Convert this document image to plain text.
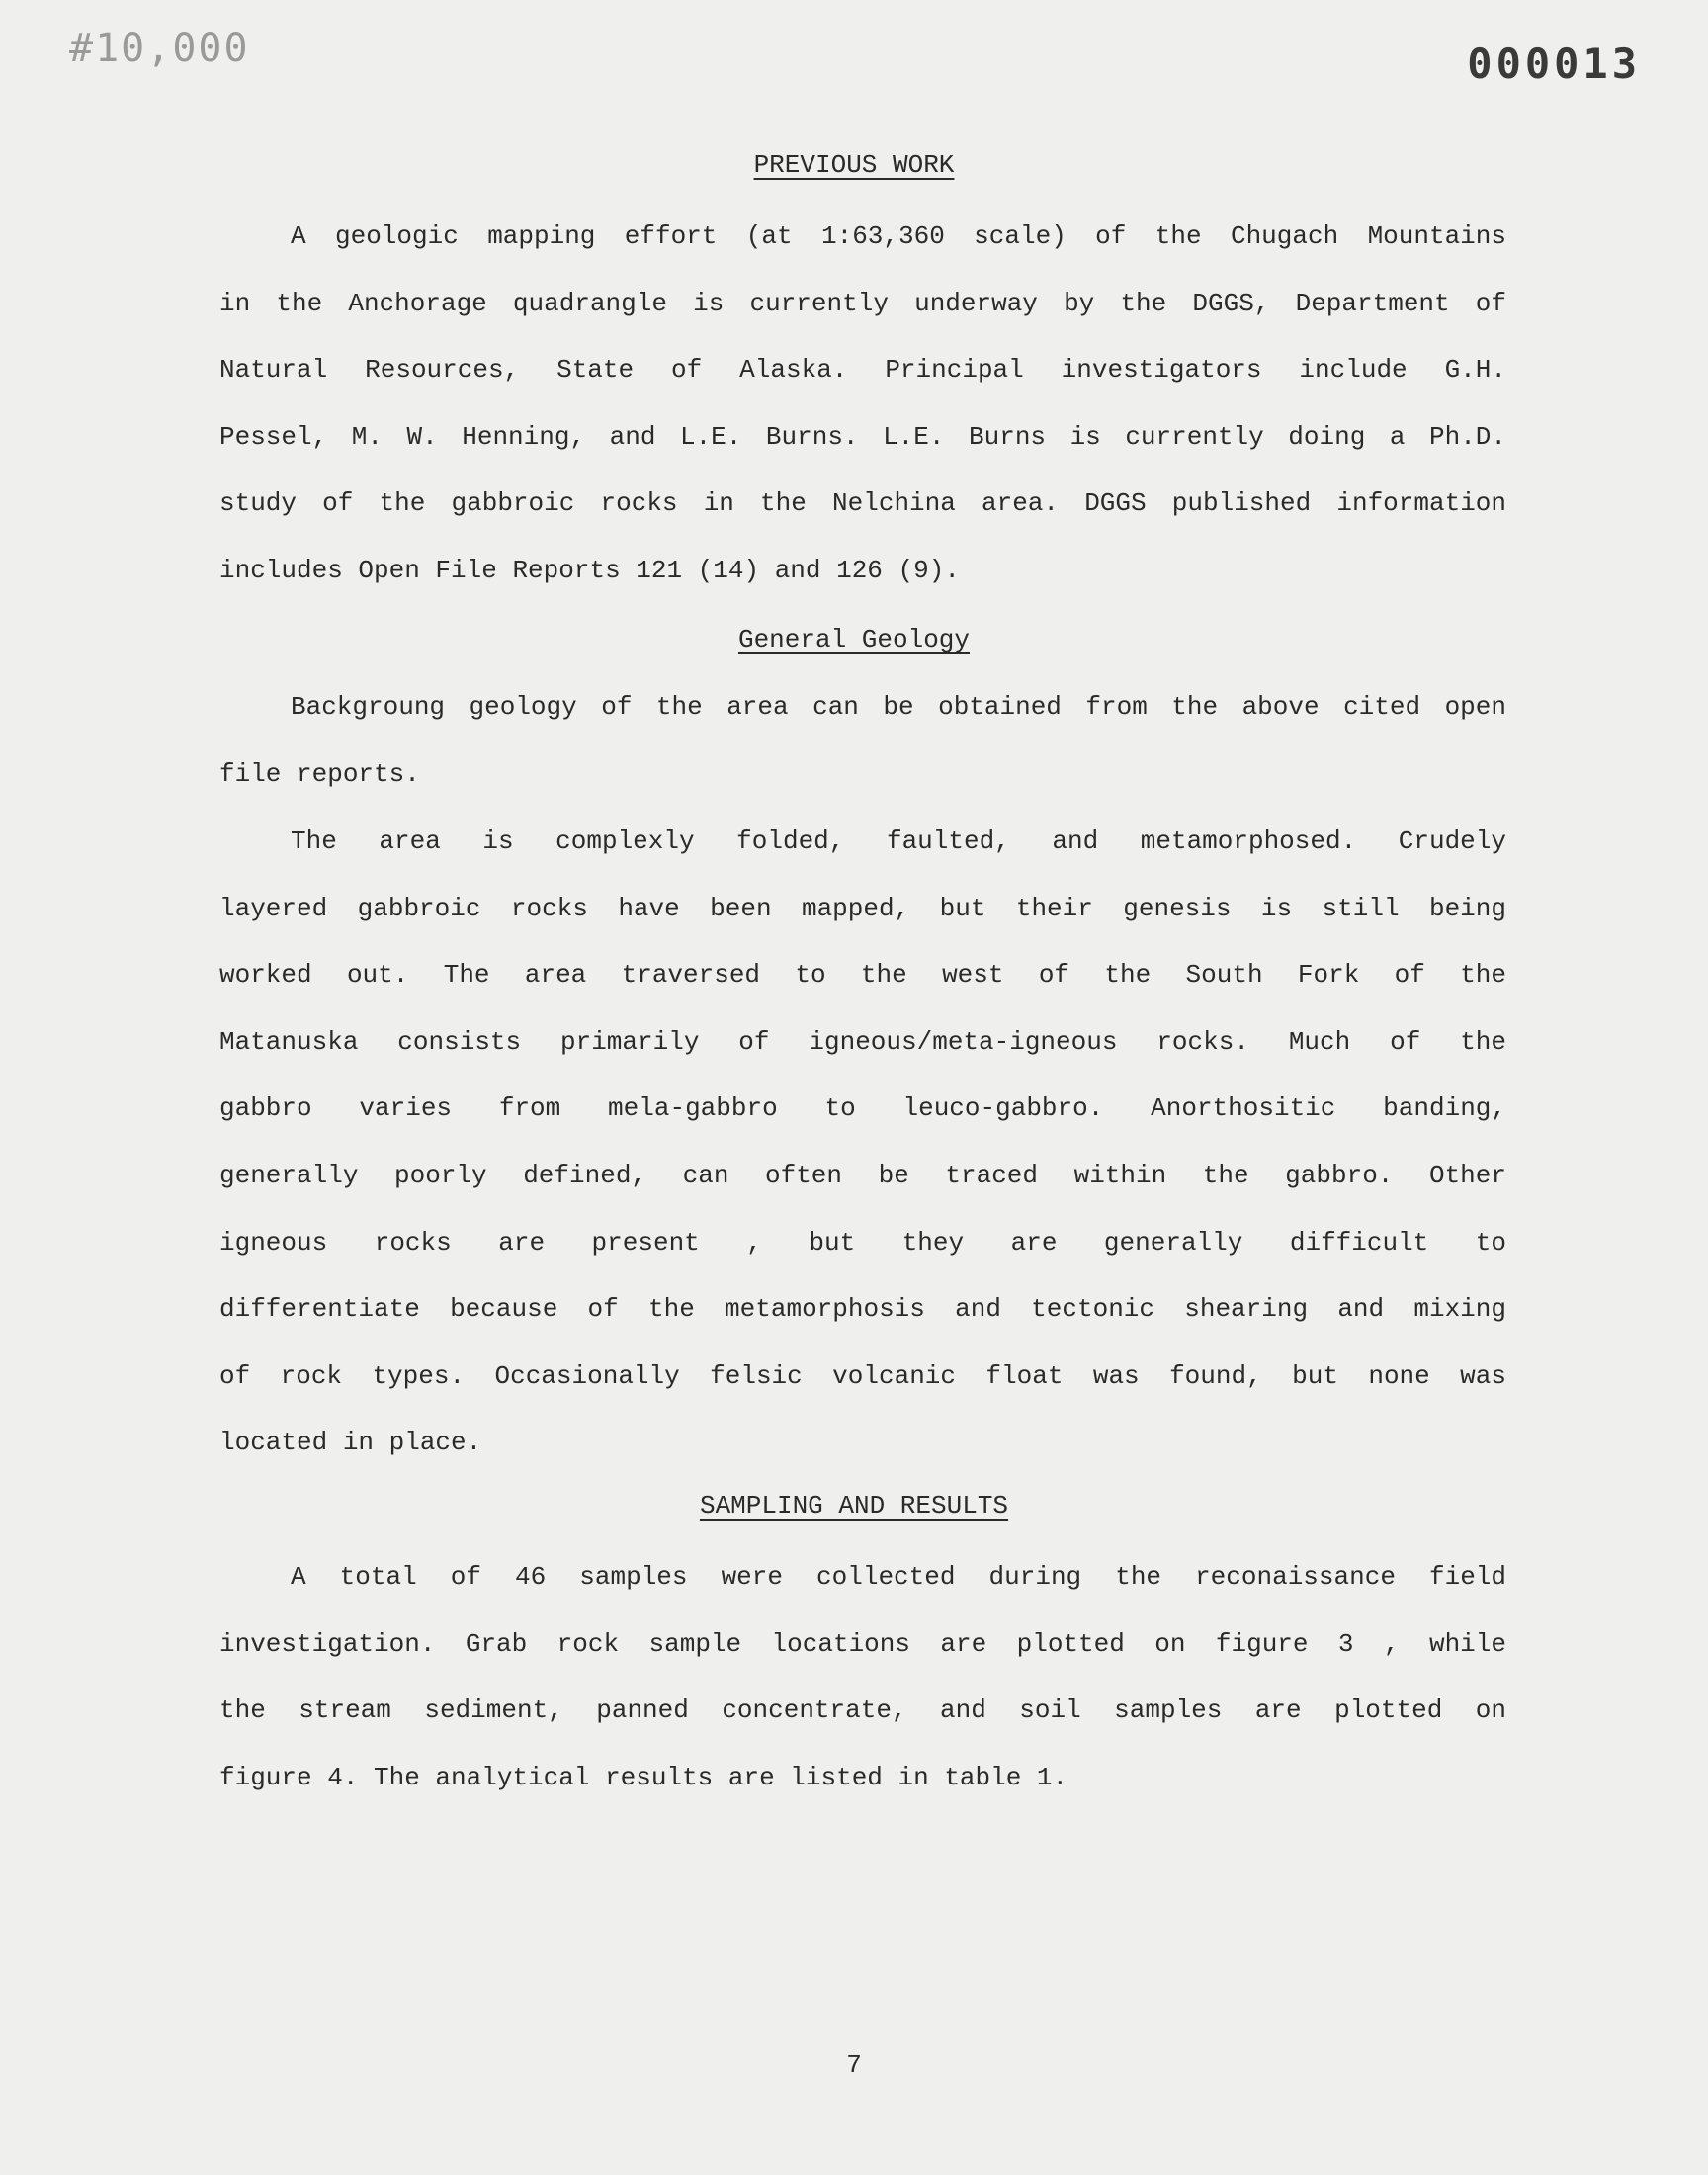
#10,000	000013
PREVIOUS WORK
A geologic mapping effort (at 1:63,360 scale) of the Chugach Mountains
in the Anchorage quadrangle is currently underway by the DGGS, Department of
Natural Resources, State of Alaska. Principal investigators include G.H.
Pessel, M. W. Henning, and L.E. Burns. L.E. Burns is currently doing a Ph.D.
study of the gabbroic rocks in the Nelchina area. DGGS published information
includes Open File Reports 121 (14) and 126 (9).
General Geology
Backgroung geology of the area can be obtained from the above cited open
file reports.
The area is complexly folded, faulted, and metamorphosed. Crudely
layered gabbroic rocks have been mapped, but their genesis is still being
worked out. The area traversed to the west of the South Fork of the
Matanuska consists primarily of igneous/meta-igneous rocks. Much of the
gabbro varies from mela-gabbro to leuco-gabbro. Anorthositic banding,
generally poorly defined, can often be traced within the gabbro. Other
igneous rocks are present , but they are generally difficult to
differentiate because of the metamorphosis and tectonic shearing and mixing
of rock types. Occasionally felsic volcanic float was found, but none was
located in place.
SAMPLING AND RESULTS
A total of 46 samples were collected during the reconaissance field
investigation. Grab rock sample locations are plotted on figure 3 , while
the stream sediment, panned concentrate, and soil samples are plotted on
figure 4. The analytical results are listed in table 1.
7
